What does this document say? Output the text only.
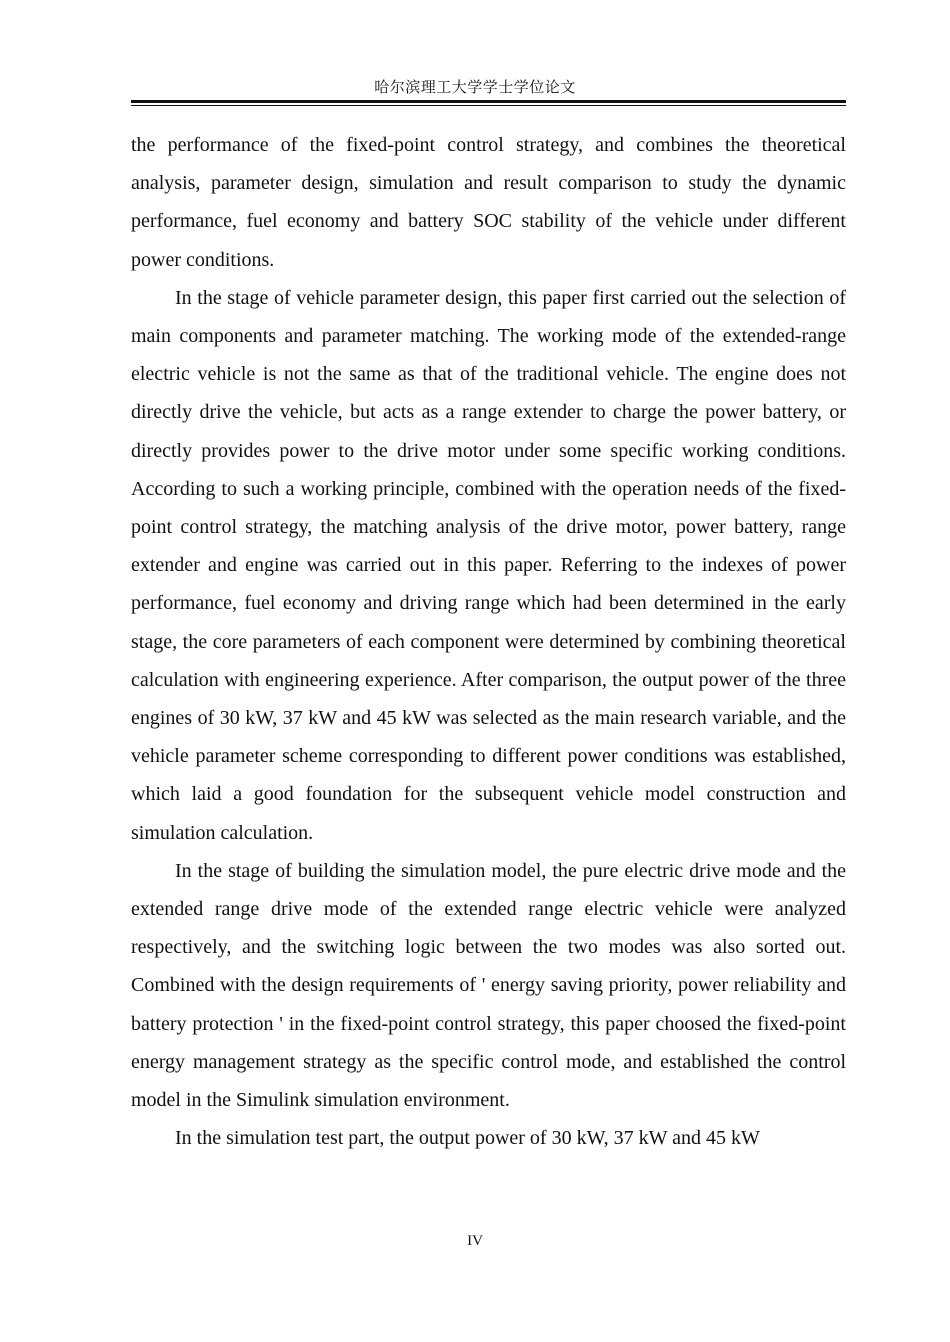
哈尔滨理工大学学士学位论文

the performance of the fixed-point control strategy, and combines the theoretical analysis, parameter design, simulation and result comparison to study the dynamic performance, fuel economy and battery SOC stability of the vehicle under different power conditions.

In the stage of vehicle parameter design, this paper first carried out the selection of main components and parameter matching. The working mode of the extended-range electric vehicle is not the same as that of the traditional vehicle. The engine does not directly drive the vehicle, but acts as a range extender to charge the power battery, or directly provides power to the drive motor under some specific working conditions. According to such a working principle, combined with the operation needs of the fixed-point control strategy, the matching analysis of the drive motor, power battery, range extender and engine was carried out in this paper. Referring to the indexes of power performance, fuel economy and driving range which had been determined in the early stage, the core parameters of each component were determined by combining theoretical calculation with engineering experience. After comparison, the output power of the three engines of 30 kW, 37 kW and 45 kW was selected as the main research variable, and the vehicle parameter scheme corresponding to different power conditions was established, which laid a good foundation for the subsequent vehicle model construction and simulation calculation.

In the stage of building the simulation model, the pure electric drive mode and the extended range drive mode of the extended range electric vehicle were analyzed respectively, and the switching logic between the two modes was also sorted out. Combined with the design requirements of ' energy saving priority, power reliability and battery protection ' in the fixed-point control strategy, this paper choosed the fixed-point energy management strategy as the specific control mode, and established the control model in the Simulink simulation environment.

In the simulation test part, the output power of 30 kW, 37 kW and 45 kW

IV
